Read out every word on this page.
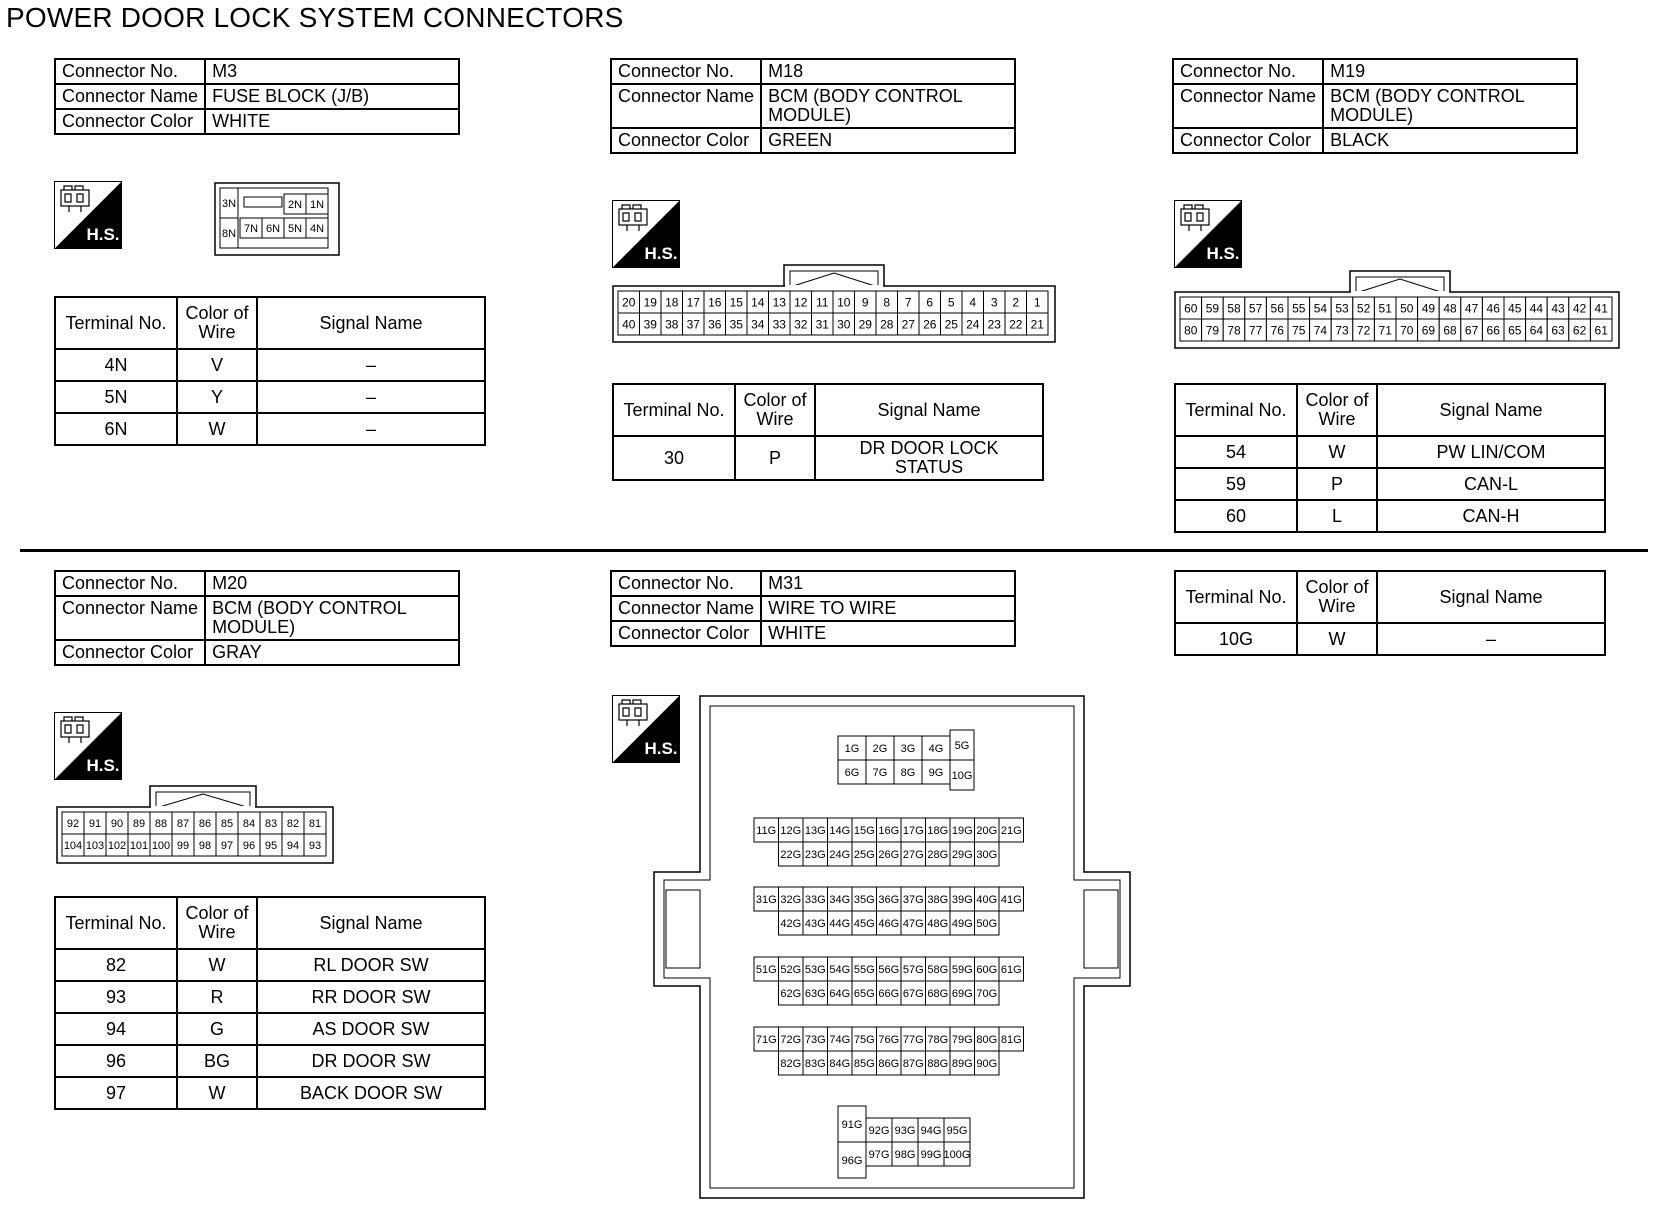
POWER DOOR LOCK SYSTEM CONNECTORS
Connector No.	M3
Connector Name	FUSE BLOCK (J/B)
Connector Color	WHITE
H.S.
3N
8N
2N 1N
7N 6N 5N 4N
Terminal No.	Color of Wire	Signal Name
4N	V	–
5N	Y	–
6N	W	–
Connector No.	M18
Connector Name	BCM (BODY CONTROL MODULE)
Connector Color	GREEN
H.S.
20
40
19
39
18
38
17
37
16
36
15
35
14
34
13
33
12
32
11
31
10
30
9
29
8
28
7
27
6
26
5
25
4
24
3
23
2
22
1
21
Terminal No.	Color of Wire	Signal Name
30	P	DR DOOR LOCK STATUS
Connector No.	M19
Connector Name	BCM (BODY CONTROL MODULE)
Connector Color	BLACK
H.S.
60
80
59
79
58
78
57
77
56
76
55
75
54
74
53
73
52
72
51
71
50
70
49
69
48
68
47
67
46
66
45
65
44
64
43
63
42
62
41
61
Terminal No.	Color of Wire	Signal Name
54	W	PW LIN/COM
59	P	CAN-L
60	L	CAN-H
Connector No.	M20
Connector Name	BCM (BODY CONTROL MODULE)
Connector Color	GRAY
H.S.
92
104
91
103
90
102
89
101
88
100
87
99
86
98
85
97
84
96
83
95
82
94
81
93
Terminal No.	Color of Wire	Signal Name
82	W	RL DOOR SW
93	R	RR DOOR SW
94	G	AS DOOR SW
96	BG	DR DOOR SW
97	W	BACK DOOR SW
Connector No.	M31
Connector Name	WIRE TO WIRE
Connector Color	WHITE
H.S.	1G
6G
2G
7G
3G
8G
4G
9G
5G
10G
11G 12G 13G 14G 15G 16G 17G 18G 19G 20G 21G
22G 23G 24G 25G 26G 27G 28G 29G 30G
31G 32G 33G 34G 35G 36G 37G 38G 39G 40G 41G
42G 43G 44G 45G 46G 47G 48G 49G 50G
51G 52G 53G 54G 55G 56G 57G 58G 59G 60G 61G
62G 63G 64G 65G 66G 67G 68G 69G 70G
71G 72G 73G 74G 75G 76G 77G 78G 79G 80G 81G
82G 83G 84G 85G 86G 87G 88G 89G 90G
91G
96G
92G
97G
93G
98G
94G
99G
95G
100G
Terminal No.	Color of Wire	Signal Name
10G	W	–
